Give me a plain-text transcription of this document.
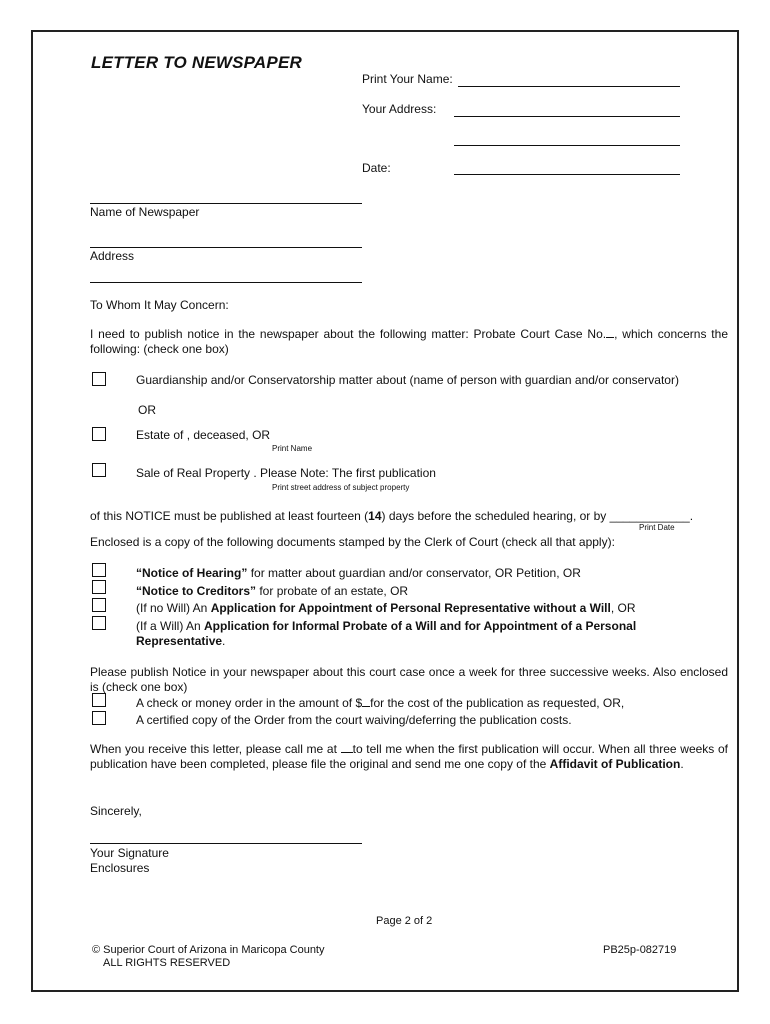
LETTER TO NEWSPAPER
Print Your Name:
Your Address:
Date:
Name of Newspaper
Address
To Whom It May Concern:
I need to publish notice in the newspaper about the following matter: Probate Court Case No. , which concerns the following: (check one box)
Guardianship and/or Conservatorship matter about (name of person with guardian and/or conservator)
OR
Estate of , deceased, OR
Print Name
Sale of Real Property . Please Note: The first publication
Print street address of subject property
of this NOTICE must be published at least fourteen (14) days before the scheduled hearing, or by ____________.
Print Date
Enclosed is a copy of the following documents stamped by the Clerk of Court (check all that apply):
“Notice of Hearing” for matter about guardian and/or conservator, OR Petition, OR
“Notice to Creditors” for probate of an estate, OR
(If no Will) An Application for Appointment of Personal Representative without a Will, OR
(If a Will) An Application for Informal Probate of a Will and for Appointment of a Personal Representative.
Please publish Notice in your newspaper about this court case once a week for three successive weeks. Also enclosed is (check one box)
A check or money order in the amount of $ for the cost of the publication as requested, OR,
A certified copy of the Order from the court waiving/deferring the publication costs.
When you receive this letter, please call me at to tell me when the first publication will occur. When all three weeks of publication have been completed, please file the original and send me one copy of the Affidavit of Publication.
Sincerely,
Your Signature
Enclosures
Page 2 of 2
© Superior Court of Arizona in Maricopa County
ALL RIGHTS RESERVED
PB25p-082719
